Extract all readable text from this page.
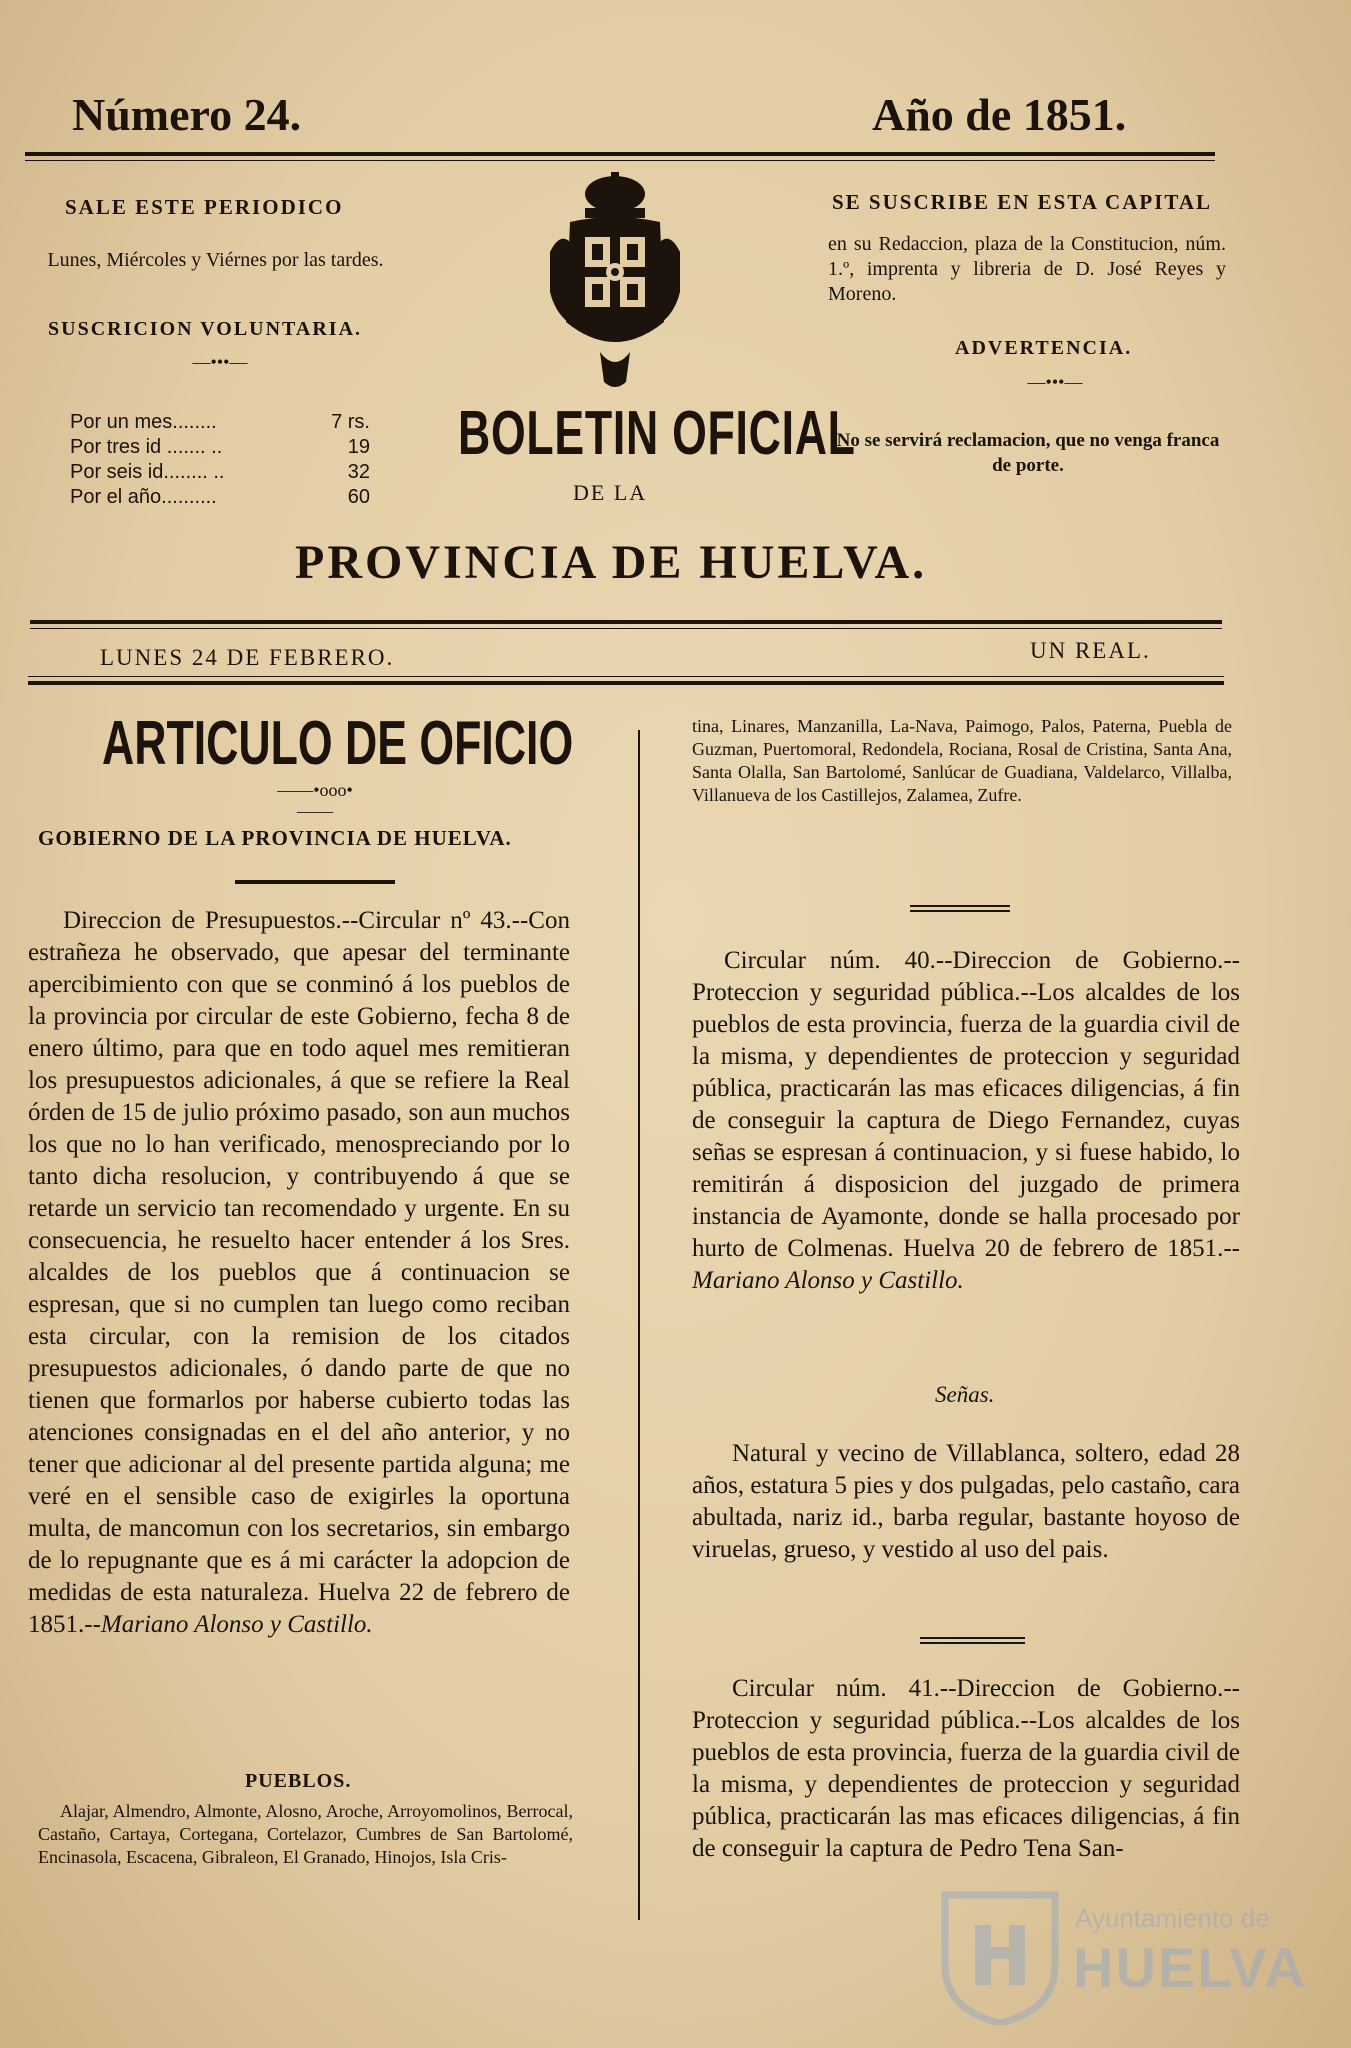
Número 24.	Año de 1851.
SALE ESTE PERIODICO
Lunes, Miércoles y Viérnes por las tardes.
SUSCRICION VOLUNTARIA.
—•••—
Por un mes........	7 rs.
Por tres id ....... ..	19
Por seis id........ ..	32
Por el año..........	60
SE SUSCRIBE EN ESTA CAPITAL
en su Redaccion, plaza de la Constitucion, núm. 1.º, imprenta y libreria de D. José Reyes y Moreno.
ADVERTENCIA.
—•••—
No se servirá reclamacion, que no venga franca de porte.
BOLETIN OFICIAL
DE LA
PROVINCIA DE HUELVA.
LUNES 24 DE FEBRERO.	UN REAL.
ARTICULO DE OFICIO
——•ooo•——
GOBIERNO DE LA PROVINCIA DE HUELVA.
Direccion de Presupuestos.--Circular nº 43.--Con estrañeza he observado, que apesar del terminante apercibimiento con que se conminó á los pueblos de la provincia por circular de este Gobierno, fecha 8 de enero último, para que en todo aquel mes remitieran los presupuestos adicionales, á que se refiere la Real órden de 15 de julio próximo pasado, son aun muchos los que no lo han verificado, menospreciando por lo tanto dicha resolucion, y contribuyendo á que se retarde un servicio tan recomendado y urgente. En su consecuencia, he resuelto hacer entender á los Sres. alcaldes de los pueblos que á continuacion se espresan, que si no cumplen tan luego como reciban esta circular, con la remision de los citados presupuestos adicionales, ó dando parte de que no tienen que formarlos por haberse cubierto todas las atenciones consignadas en el del año anterior, y no tener que adicionar al del presente partida alguna; me veré en el sensible caso de exigirles la oportuna multa, de mancomun con los secretarios, sin embargo de lo repugnante que es á mi carácter la adopcion de medidas de esta naturaleza. Huelva 22 de febrero de 1851.--Mariano Alonso y Castillo.
PUEBLOS.
Alajar, Almendro, Almonte, Alosno, Aroche, Arroyomolinos, Berrocal, Castaño, Cartaya, Cortegana, Cortelazor, Cumbres de San Bartolomé, Encinasola, Escacena, Gibraleon, El Granado, Hinojos, Isla Cris-
tina, Linares, Manzanilla, La-Nava, Paimogo, Palos, Paterna, Puebla de Guzman, Puertomoral, Redondela, Rociana, Rosal de Cristina, Santa Ana, Santa Olalla, San Bartolomé, Sanlúcar de Guadiana, Valdelarco, Villalba, Villanueva de los Castillejos, Zalamea, Zufre.
Circular núm. 40.--Direccion de Gobierno.--Proteccion y seguridad pública.--Los alcaldes de los pueblos de esta provincia, fuerza de la guardia civil de la misma, y dependientes de proteccion y seguridad pública, practicarán las mas eficaces diligencias, á fin de conseguir la captura de Diego Fernandez, cuyas señas se espresan á continuacion, y si fuese habido, lo remitirán á disposicion del juzgado de primera instancia de Ayamonte, donde se halla procesado por hurto de Colmenas. Huelva 20 de febrero de 1851.--Mariano Alonso y Castillo.
Señas.
Natural y vecino de Villablanca, soltero, edad 28 años, estatura 5 pies y dos pulgadas, pelo castaño, cara abultada, nariz id., barba regular, bastante hoyoso de viruelas, grueso, y vestido al uso del pais.
Circular núm. 41.--Direccion de Gobierno.--Proteccion y seguridad pública.--Los alcaldes de los pueblos de esta provincia, fuerza de la guardia civil de la misma, y dependientes de proteccion y seguridad pública, practicarán las mas eficaces diligencias, á fin de conseguir la captura de Pedro Tena San-
Ayuntamiento de
HUELVA
